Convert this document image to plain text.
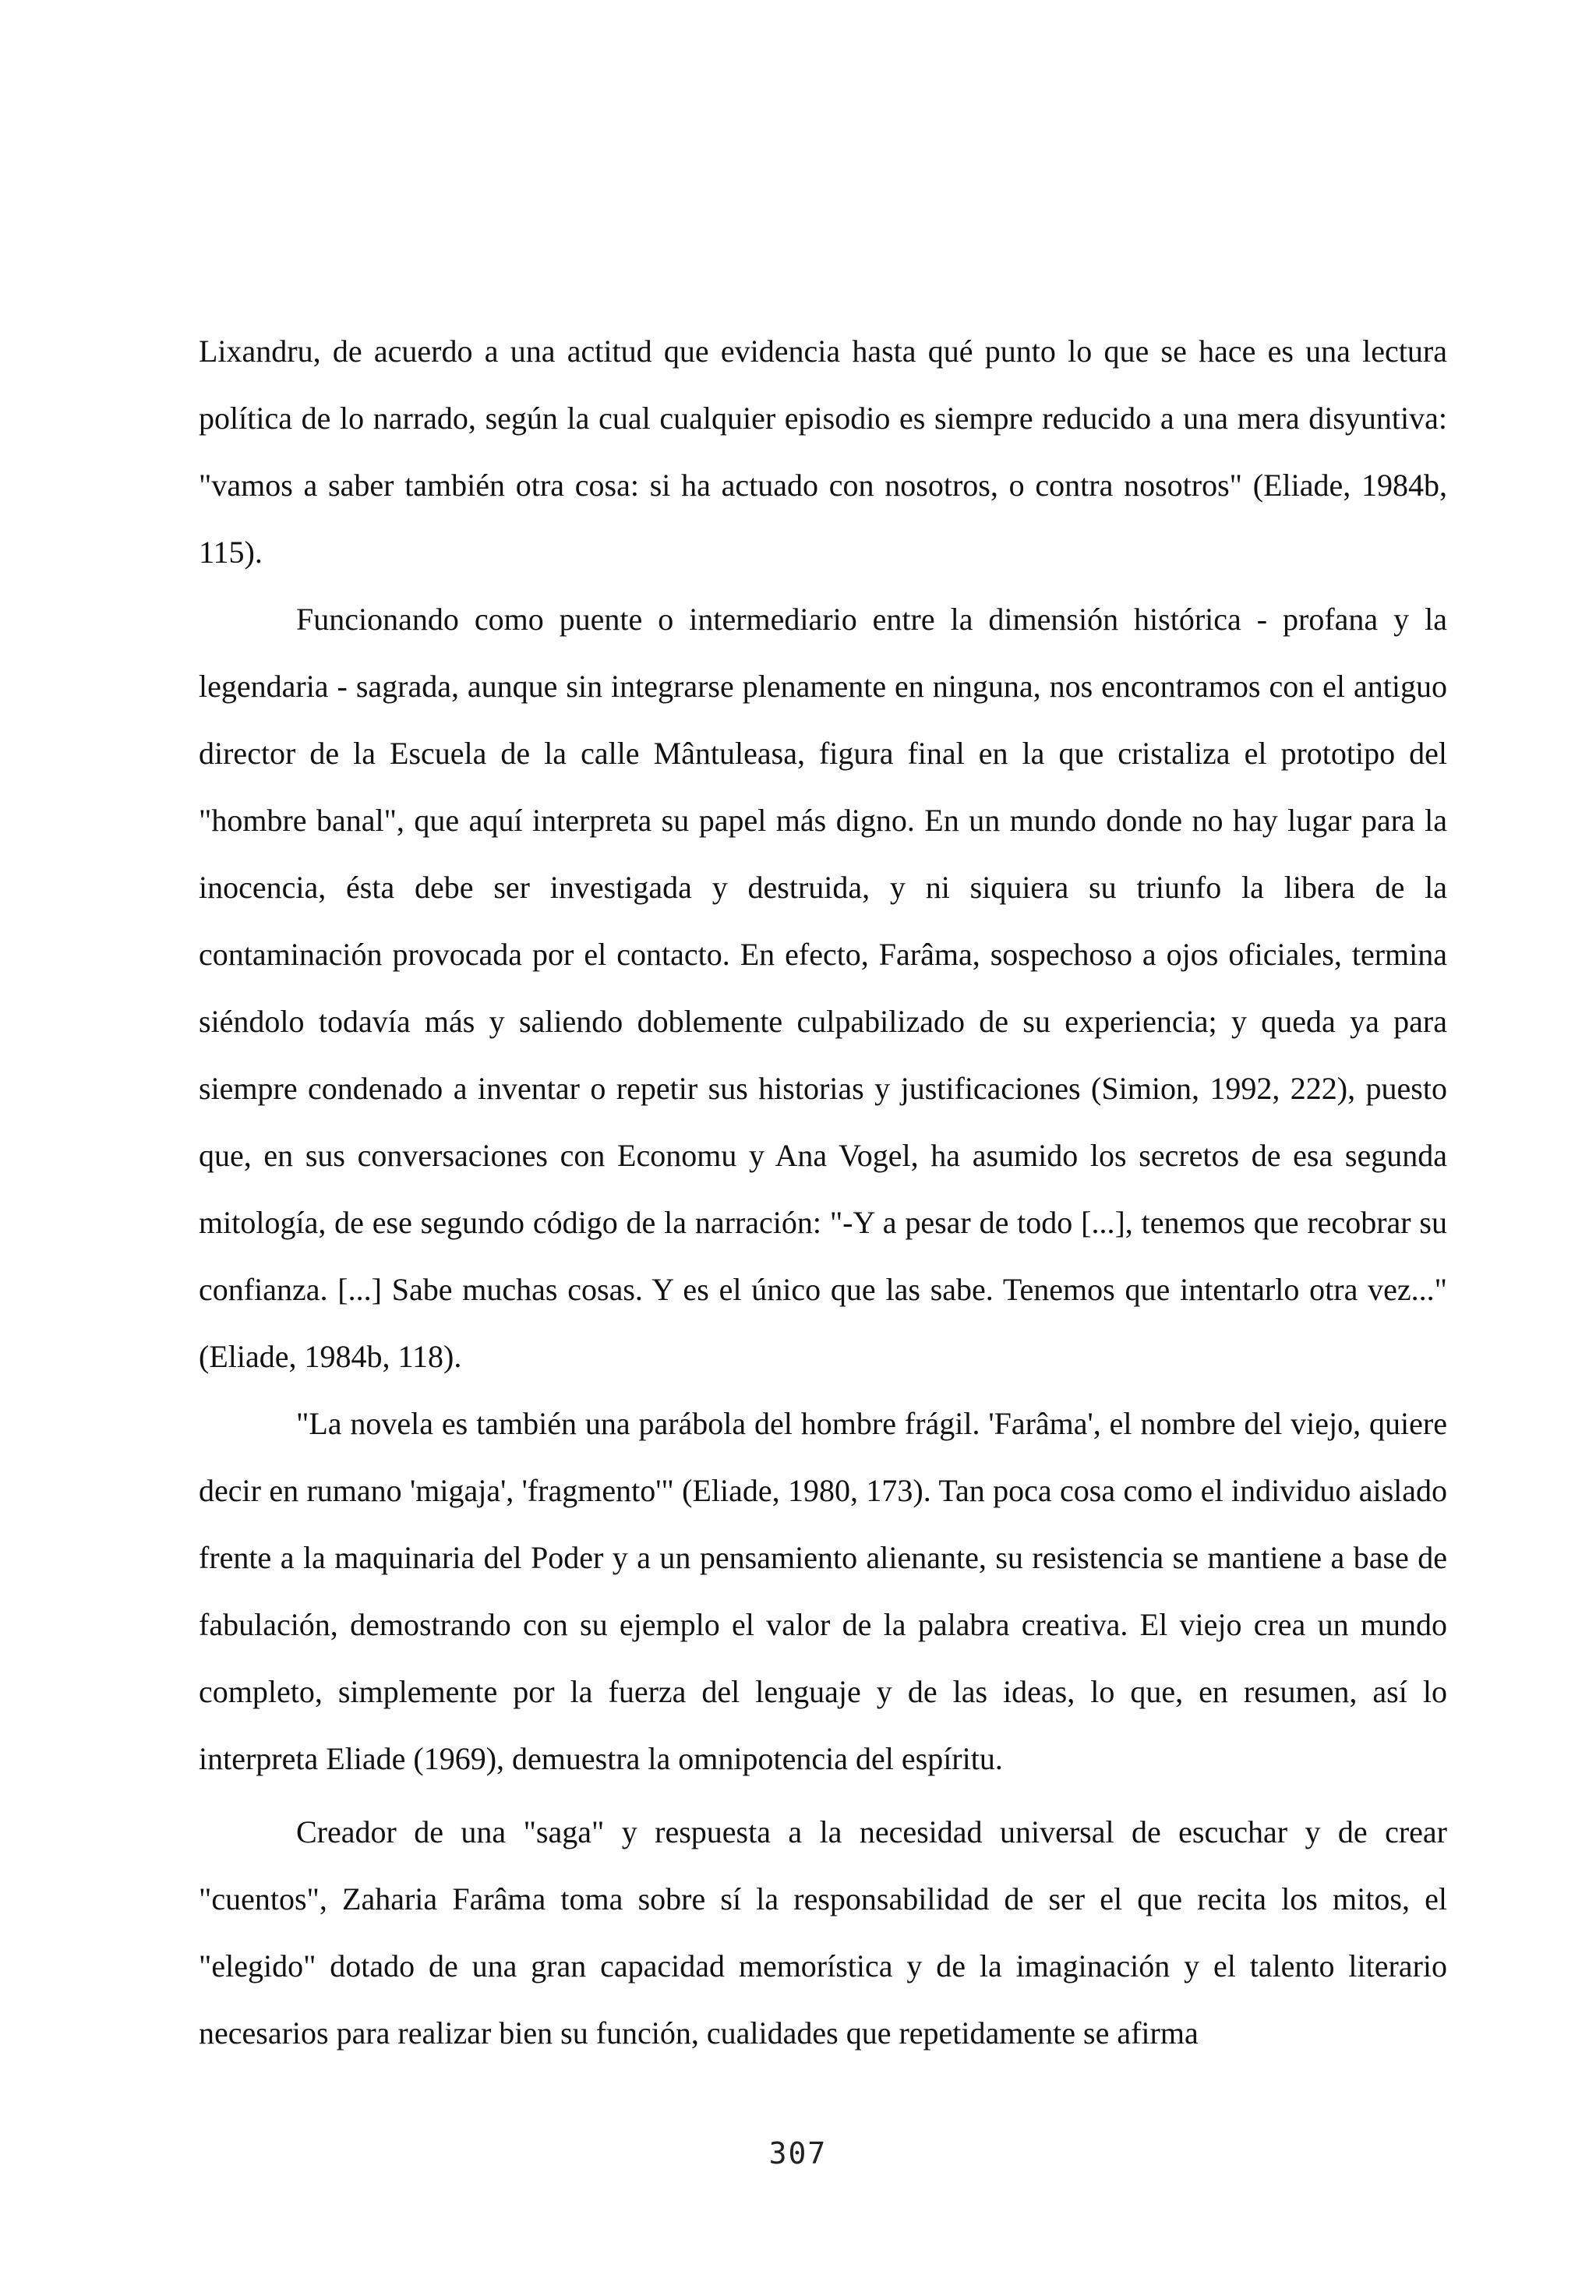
Lixandru, de acuerdo a una actitud que evidencia hasta qué punto lo que se hace es una lectura política de lo narrado, según la cual cualquier episodio es siempre reducido a una mera disyuntiva: "vamos a saber también otra cosa: si ha actuado con nosotros, o contra nosotros" (Eliade, 1984b, 115).

Funcionando como puente o intermediario entre la dimensión histórica - profana y la legendaria - sagrada, aunque sin integrarse plenamente en ninguna, nos encontramos con el antiguo director de la Escuela de la calle Mântuleasa, figura final en la que cristaliza el prototipo del "hombre banal", que aquí interpreta su papel más digno. En un mundo donde no hay lugar para la inocencia, ésta debe ser investigada y destruida, y ni siquiera su triunfo la libera de la contaminación provocada por el contacto. En efecto, Farâma, sospechoso a ojos oficiales, termina siéndolo todavía más y saliendo doblemente culpabilizado de su experiencia; y queda ya para siempre condenado a inventar o repetir sus historias y justificaciones (Simion, 1992, 222), puesto que, en sus conversaciones con Economu y Ana Vogel, ha asumido los secretos de esa segunda mitología, de ese segundo código de la narración: "-Y a pesar de todo [...], tenemos que recobrar su confianza. [...] Sabe muchas cosas. Y es el único que las sabe. Tenemos que intentarlo otra vez..." (Eliade, 1984b, 118).

"La novela es también una parábola del hombre frágil. 'Farâma', el nombre del viejo, quiere decir en rumano 'migaja', 'fragmento'" (Eliade, 1980, 173). Tan poca cosa como el individuo aislado frente a la maquinaria del Poder y a un pensamiento alienante, su resistencia se mantiene a base de fabulación, demostrando con su ejemplo el valor de la palabra creativa. El viejo crea un mundo completo, simplemente por la fuerza del lenguaje y de las ideas, lo que, en resumen, así lo interpreta Eliade (1969), demuestra la omnipotencia del espíritu.

Creador de una "saga" y respuesta a la necesidad universal de escuchar y de crear "cuentos", Zaharia Farâma toma sobre sí la responsabilidad de ser el que recita los mitos, el "elegido" dotado de una gran capacidad memorística y de la imaginación y el talento literario necesarios para realizar bien su función, cualidades que repetidamente se afirma

307
